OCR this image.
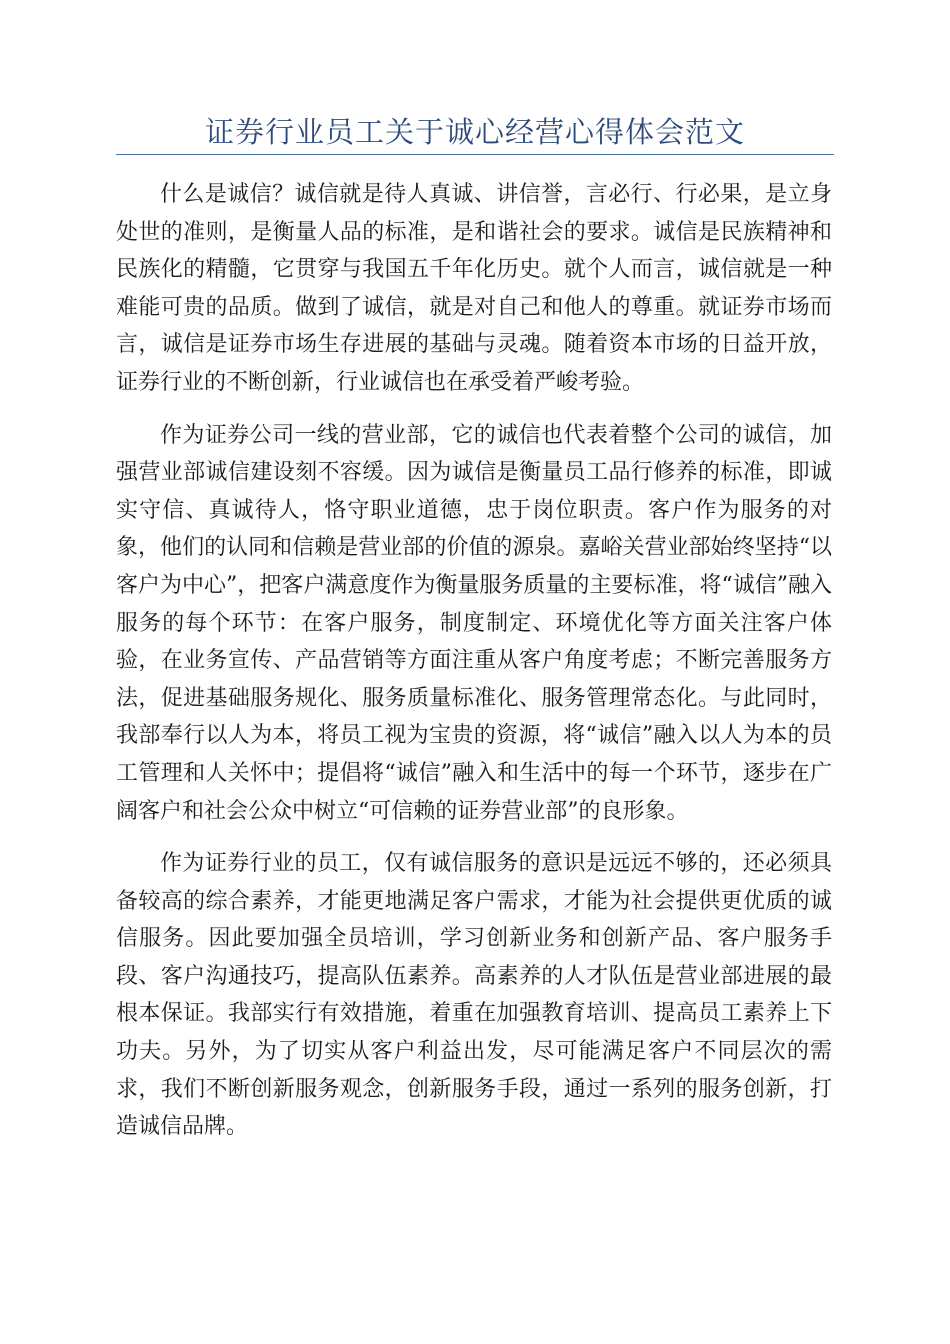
证券行业员工关于诚心经营心得体会范文

什么是诚信？诚信就是待人真诚、讲信誉，言必行、行必果，是立身处世的准则，是衡量人品的标准，是和谐社会的要求。诚信是民族精神和民族化的精髓，它贯穿与我国五千年化历史。就个人而言，诚信就是一种难能可贵的品质。做到了诚信，就是对自己和他人的尊重。就证券市场而言，诚信是证券市场生存进展的基础与灵魂。随着资本市场的日益开放，证券行业的不断创新，行业诚信也在承受着严峻考验。

作为证券公司一线的营业部，它的诚信也代表着整个公司的诚信，加强营业部诚信建设刻不容缓。因为诚信是衡量员工品行修养的标准，即诚实守信、真诚待人，恪守职业道德，忠于岗位职责。客户作为服务的对象，他们的认同和信赖是营业部的价值的源泉。嘉峪关营业部始终坚持“以客户为中心”，把客户满意度作为衡量服务质量的主要标准，将“诚信”融入服务的每个环节：在客户服务，制度制定、环境优化等方面关注客户体验，在业务宣传、产品营销等方面注重从客户角度考虑；不断完善服务方法，促进基础服务规化、服务质量标准化、服务管理常态化。与此同时，我部奉行以人为本，将员工视为宝贵的资源，将“诚信”融入以人为本的员工管理和人关怀中；提倡将“诚信”融入和生活中的每一个环节，逐步在广阔客户和社会公众中树立“可信赖的证券营业部”的良形象。

作为证券行业的员工，仅有诚信服务的意识是远远不够的，还必须具备较高的综合素养，才能更地满足客户需求，才能为社会提供更优质的诚信服务。因此要加强全员培训，学习创新业务和创新产品、客户服务手段、客户沟通技巧，提高队伍素养。高素养的人才队伍是营业部进展的最根本保证。我部实行有效措施，着重在加强教育培训、提高员工素养上下功夫。另外，为了切实从客户利益出发，尽可能满足客户不同层次的需求，我们不断创新服务观念，创新服务手段，通过一系列的服务创新，打造诚信品牌。
